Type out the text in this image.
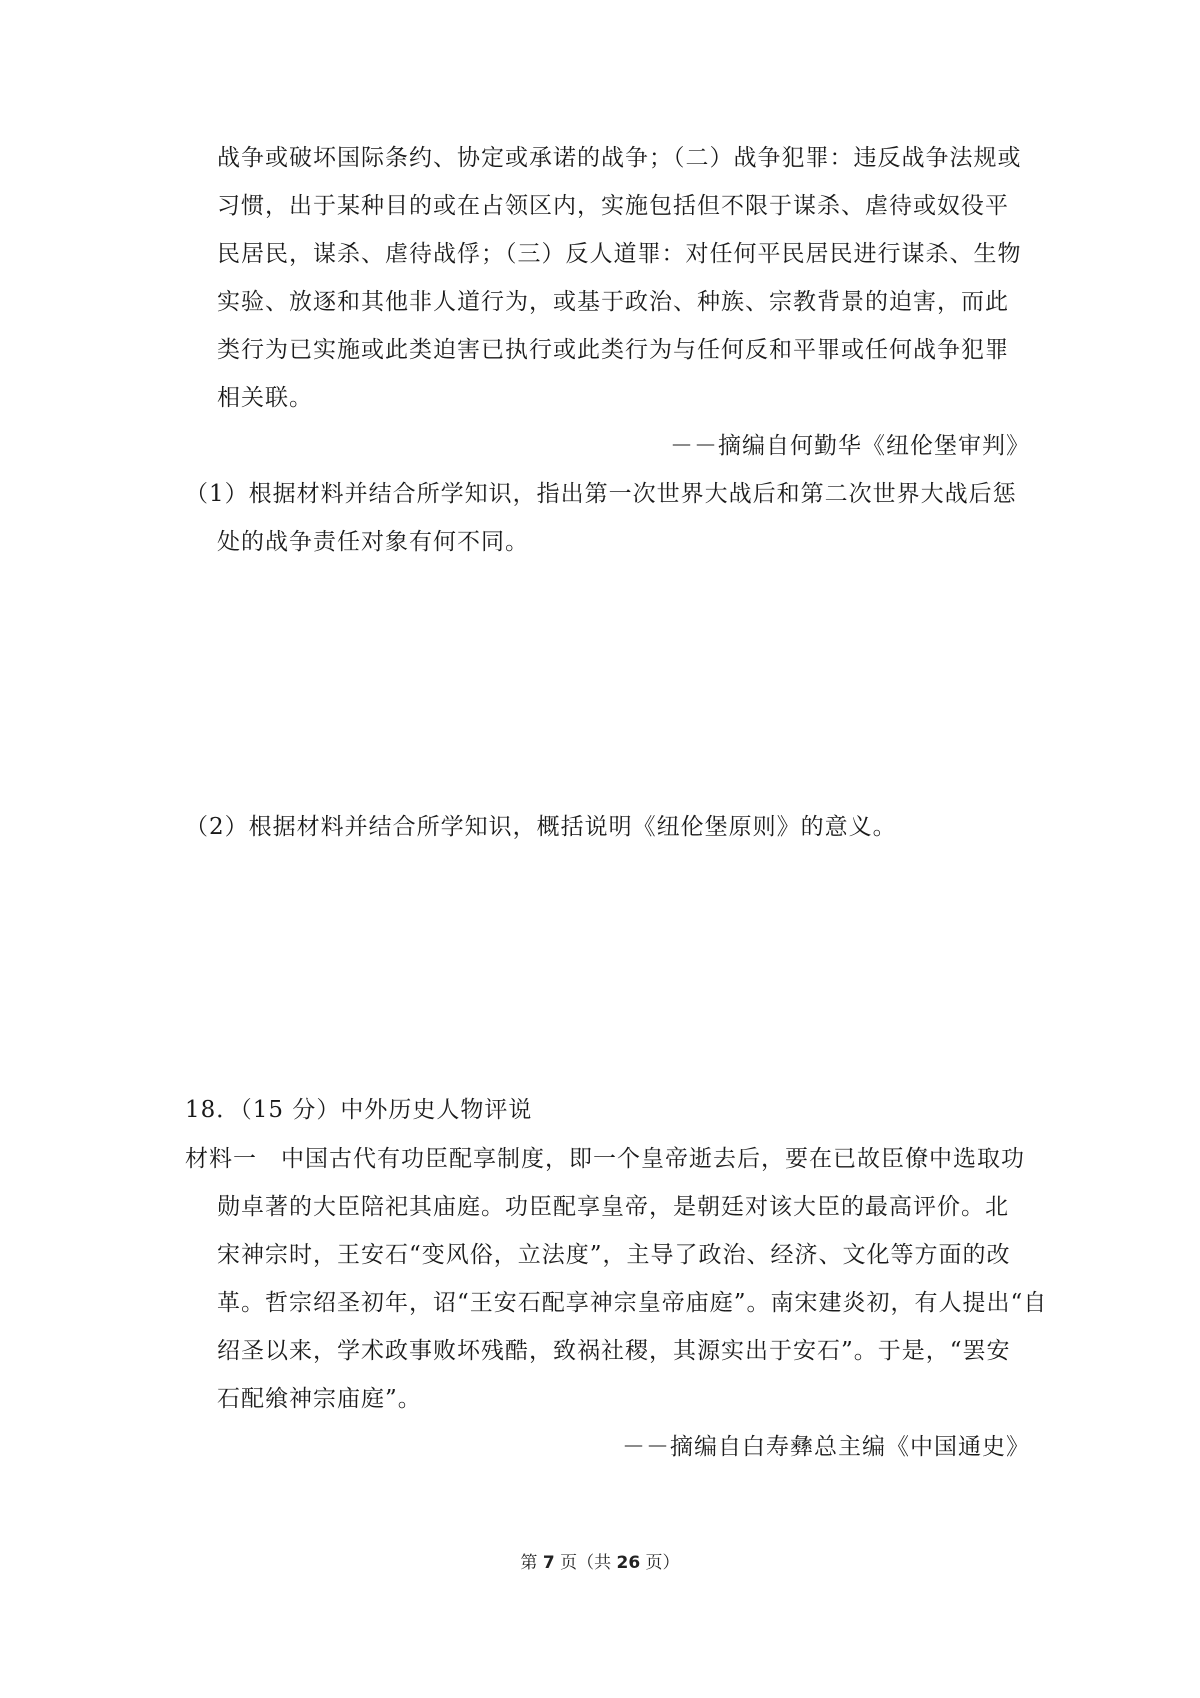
战争或破坏国际条约、协定或承诺的战争；（二）战争犯罪：违反战争法规或
习惯，出于某种目的或在占领区内，实施包括但不限于谋杀、虐待或奴役平
民居民，谋杀、虐待战俘；（三）反人道罪：对任何平民居民进行谋杀、生物
实验、放逐和其他非人道行为，或基于政治、种族、宗教背景的迫害，而此
类行为已实施或此类迫害已执行或此类行为与任何反和平罪或任何战争犯罪
相关联。
－－摘编自何勤华《纽伦堡审判》
（1）根据材料并结合所学知识，指出第一次世界大战后和第二次世界大战后惩
处的战争责任对象有何不同。
（2）根据材料并结合所学知识，概括说明《纽伦堡原则》的意义。
18．（15 分）中外历史人物评说
材料一　中国古代有功臣配享制度，即一个皇帝逝去后，要在已故臣僚中选取功
勋卓著的大臣陪祀其庙庭。功臣配享皇帝，是朝廷对该大臣的最高评价。北
宋神宗时，王安石“变风俗，立法度”，主导了政治、经济、文化等方面的改
革。哲宗绍圣初年，诏“王安石配享神宗皇帝庙庭”。南宋建炎初，有人提出“自
绍圣以来，学术政事败坏残酷，致祸社稷，其源实出于安石”。于是，“罢安
石配飨神宗庙庭”。
－－摘编自白寿彝总主编《中国通史》
第 7 页（共 26 页）
